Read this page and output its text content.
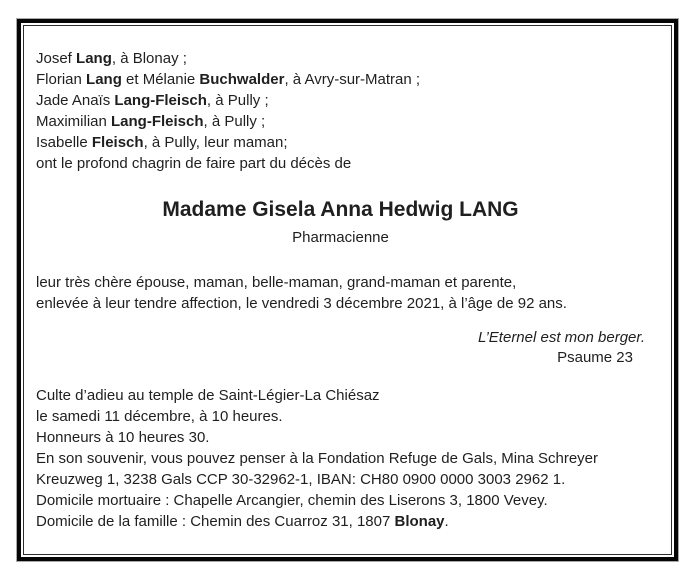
Josef Lang, à Blonay ;

Florian Lang et Mélanie Buchwalder, à Avry-sur-Matran ;

Jade Anaïs Lang-Fleisch, à Pully ;

Maximilian Lang-Fleisch, à Pully ;

Isabelle Fleisch, à Pully, leur maman;

ont le profond chagrin de faire part du décès de

Madame Gisela Anna Hedwig LANG

Pharmacienne

leur très chère épouse, maman, belle-maman, grand-maman et parente,

enlevée à leur tendre affection, le vendredi 3 décembre 2021, à l’âge de 92 ans.

L’Eternel est mon berger.

Psaume 23

Culte d’adieu au temple de Saint-Légier-La Chiésaz

le samedi 11 décembre, à 10 heures.

Honneurs à 10 heures 30.

En son souvenir, vous pouvez penser à la Fondation Refuge de Gals, Mina Schreyer

Kreuzweg 1, 3238 Gals CCP 30-32962-1, IBAN: CH80 0900 0000 3003 2962 1.

Domicile mortuaire : Chapelle Arcangier, chemin des Liserons 3, 1800 Vevey.

Domicile de la famille : Chemin des Cuarroz 31, 1807 Blonay.
